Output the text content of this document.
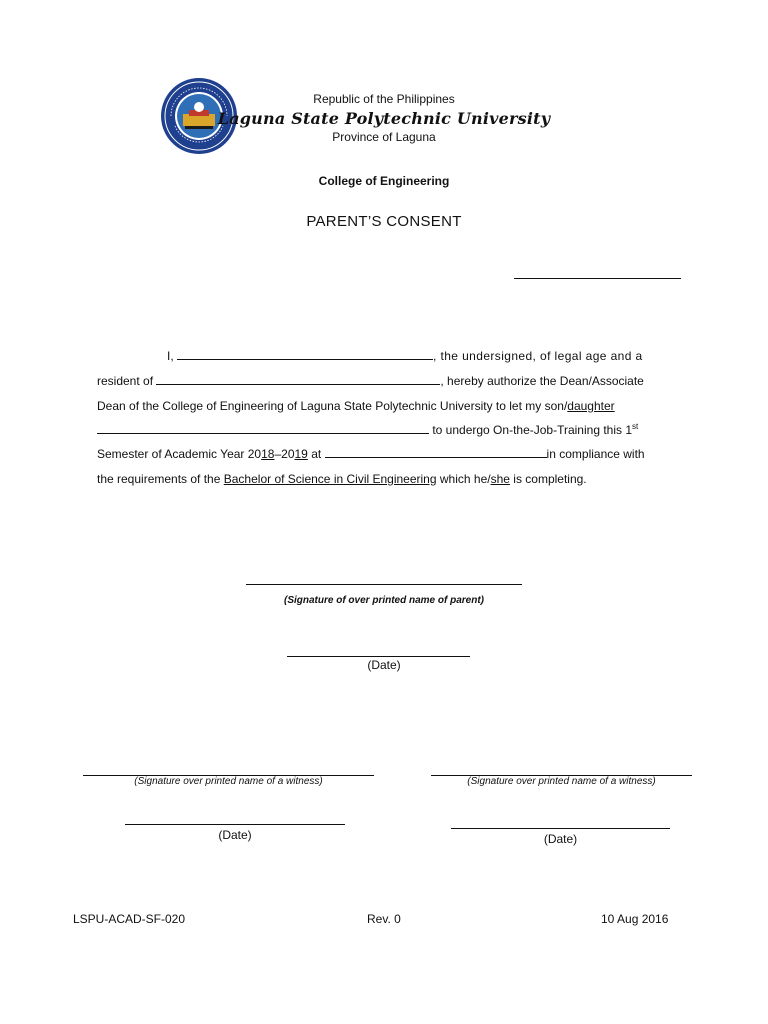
Republic of the Philippines
Laguna State Polytechnic University
Province of Laguna
College of Engineering
PARENT’S CONSENT
I,	, the undersigned, of legal age and a
resident of	, hereby authorize the Dean/Associate
Dean of the College of Engineering of Laguna State Polytechnic University to let my son/daughter
to undergo On-the-Job-Training this 1st
Semester of Academic Year 2018–2019 at	in compliance with
the requirements of the Bachelor of Science in Civil Engineering which he/she is completing.
(Signature of over printed name of parent)
(Date)
(Signature over printed name of a witness)
(Date)
(Signature over printed name of a witness)
(Date)
LSPU-ACAD-SF-020	Rev. 0	10 Aug 2016
